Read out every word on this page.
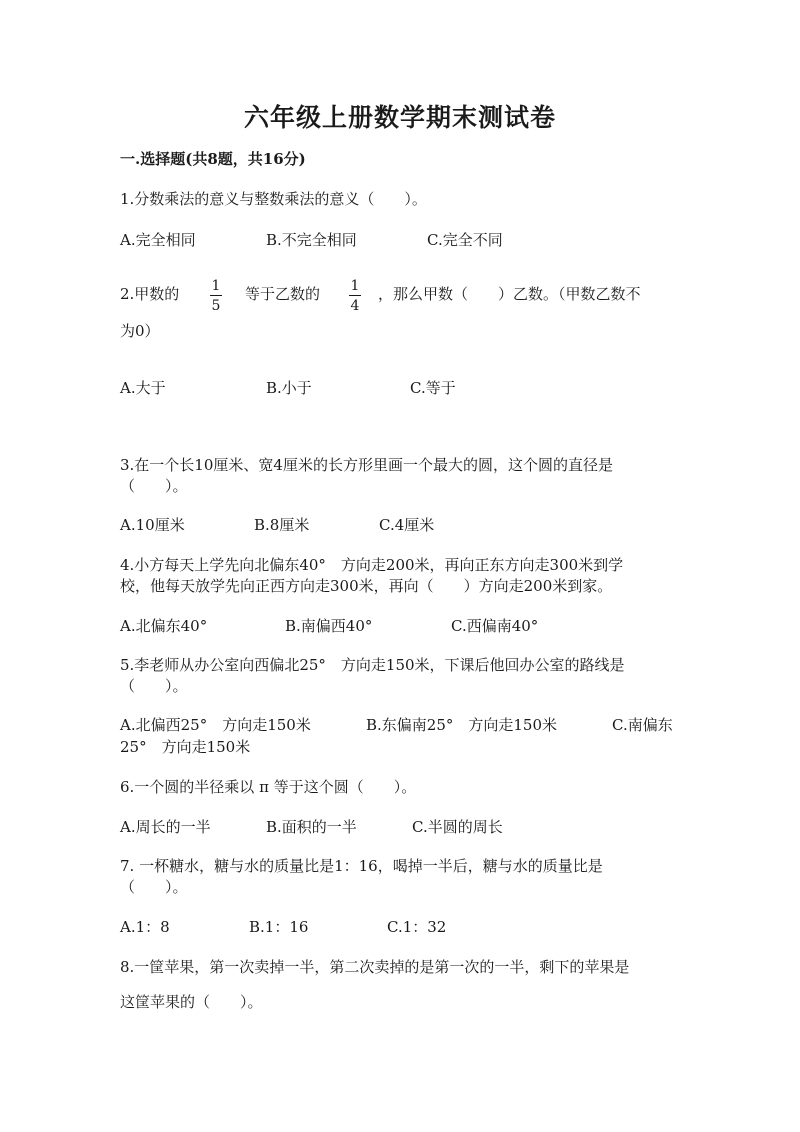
六年级上册数学期末测试卷
一.选择题(共8题，共16分)
1.分数乘法的意义与整数乘法的意义（　　）。
A.完全相同	B.不完全相同	C.完全不同
2.甲数的 1
5
等于乙数的 1
4
，那么甲数（　　）乙数。（甲数乙数不
为0）
A.大于	B.小于	C.等于
3.在一个长10厘米、宽4厘米的长方形里画一个最大的圆，这个圆的直径是
（　　）。
A.10厘米	B.8厘米	C.4厘米
4.小方每天上学先向北偏东40°　方向走200米，再向正东方向走300米到学
校，他每天放学先向正西方向走300米，再向（　　）方向走200米到家。
A.北偏东40°	B.南偏西40°	C.西偏南40°
5.李老师从办公室向西偏北25°　方向走150米，下课后他回办公室的路线是
（　　）。
A.北偏西25°　方向走150米	B.东偏南25°　方向走150米	C.南偏东
25°　方向走150米
6.一个圆的半径乘以 π 等于这个圆（　　）。
A.周长的一半	B.面积的一半	C.半圆的周长
7. 一杯糖水，糖与水的质量比是1：16，喝掉一半后，糖与水的质量比是
（　　）。
A.1：8	B.1：16	C.1：32
8.一筐苹果，第一次卖掉一半，第二次卖掉的是第一次的一半，剩下的苹果是
这筐苹果的（　　）。
